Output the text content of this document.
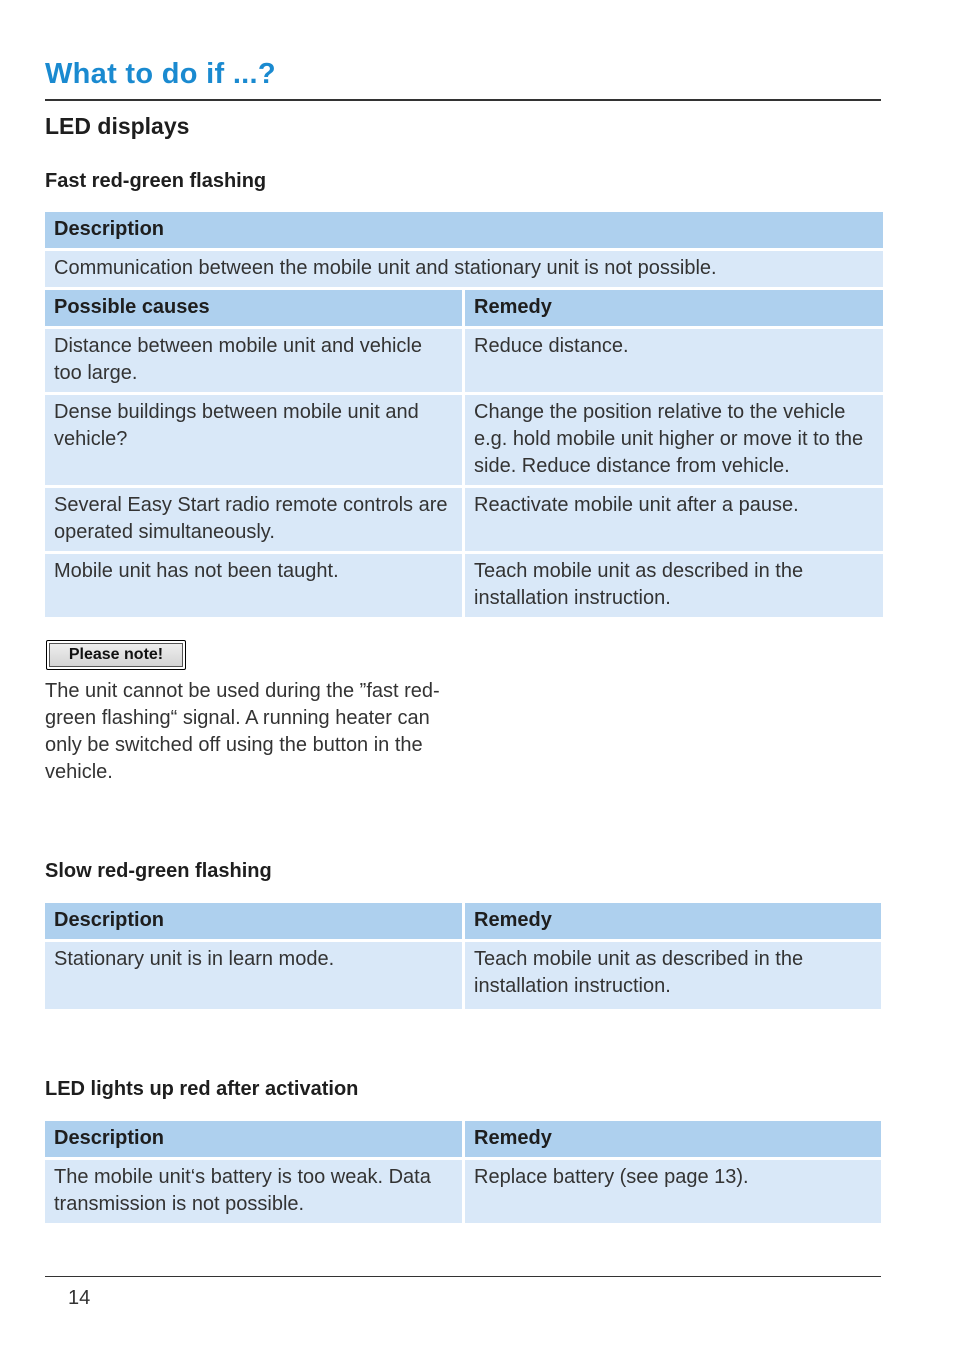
What to do if ...?
LED displays
Fast red-green flashing
Description	
Communication between the mobile unit and stationary unit is not possible.	
Possible causes	Remedy
Distance between mobile unit and vehicle too large.	Reduce distance.
Dense buildings between mobile unit and vehicle?	Change the position relative to the vehicle e.g. hold mobile unit higher or move it to the side. Reduce distance from vehicle.
Several Easy Start radio remote controls are operated simultaneously.	Reactivate mobile unit after a pause.
Mobile unit has not been taught.	Teach mobile unit as described in the installation instruction.
Please note!
The unit cannot be used during the ”fast red-green flashing“ signal. A running heater can only be switched off using the button in the vehicle.
Slow red-green flashing
Description	Remedy
Stationary unit is in learn mode.	Teach mobile unit as described in the installation instruction.
LED lights up red after activation
Description	Remedy
The mobile unit‘s battery is too weak. Data transmission is not possible.	Replace battery (see page 13).
14
